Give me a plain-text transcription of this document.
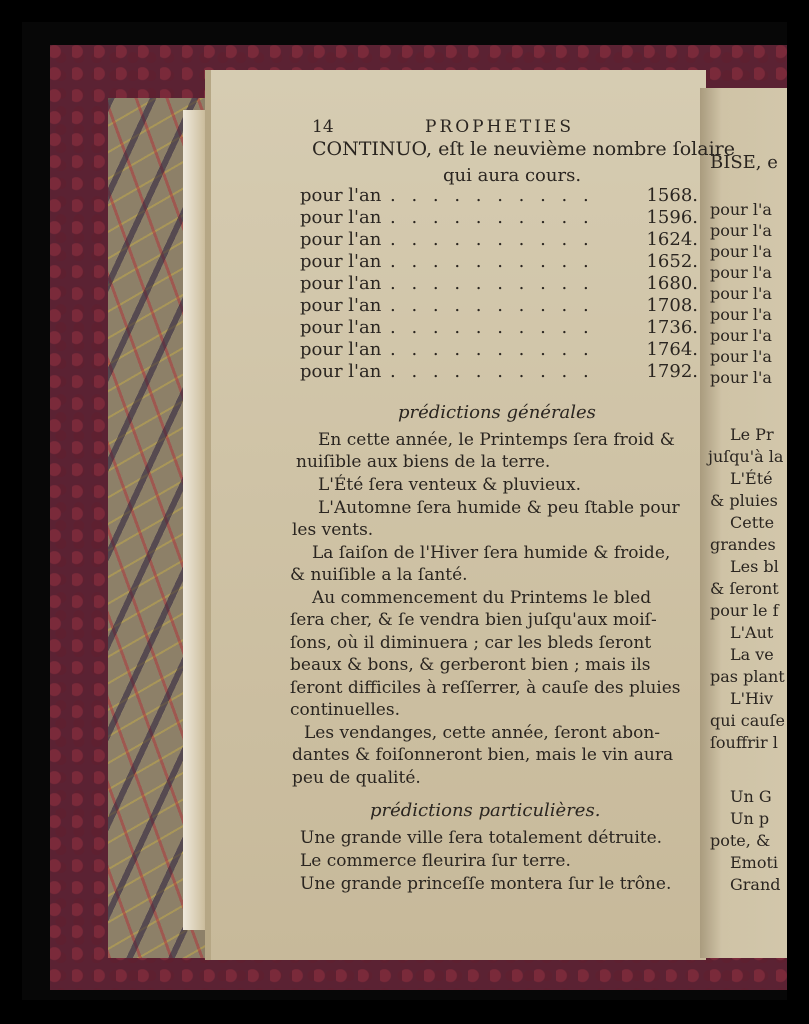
14	PROPHETIES
CONTINUO, eſt le neuvième nombre ſolaire
qui aura cours.
pour l'an . . . . . . . . . .	1568.
pour l'an . . . . . . . . . .	1596.
pour l'an . . . . . . . . . .	1624.
pour l'an . . . . . . . . . .	1652.
pour l'an . . . . . . . . . .	1680.
pour l'an . . . . . . . . . .	1708.
pour l'an . . . . . . . . . .	1736.
pour l'an . . . . . . . . . .	1764.
pour l'an . . . . . . . . . .	1792.
prédictions générales
En cette année, le Printemps ſera froid &
nuiſible aux biens de la terre.
L'Été ſera venteux & pluvieux.
L'Automne ſera humide & peu ſtable pour
les vents.
La ſaiſon de l'Hiver ſera humide & froide,
& nuiſible a la ſanté.
Au commencement du Printems le bled
ſera cher, & ſe vendra bien juſqu'aux moiſ-
ſons, où il diminuera ; car les bleds ſeront
beaux & bons, & gerberont bien ; mais ils
ſeront difficiles à reſſerrer, à cauſe des pluies
continuelles.
Les vendanges, cette année, ſeront abon-
dantes & foiſonneront bien, mais le vin aura
peu de qualité.
prédictions particulières.
Une grande ville ſera totalement détruite.
Le commerce fleurira ſur terre.
Une grande princeſſe montera ſur le trône.
BISE, e
pour l'a
pour l'a
pour l'a
pour l'a
pour l'a
pour l'a
pour l'a
pour l'a
pour l'a
Le Pr
juſqu'à la
L'Été
& pluies
Cette
grandes
Les bl
& ſeront
pour le f
L'Aut
La ve
pas plant
L'Hiv
qui cauſe
ſouffrir l
Un G
Un p
pote, &
Emoti
Grand
